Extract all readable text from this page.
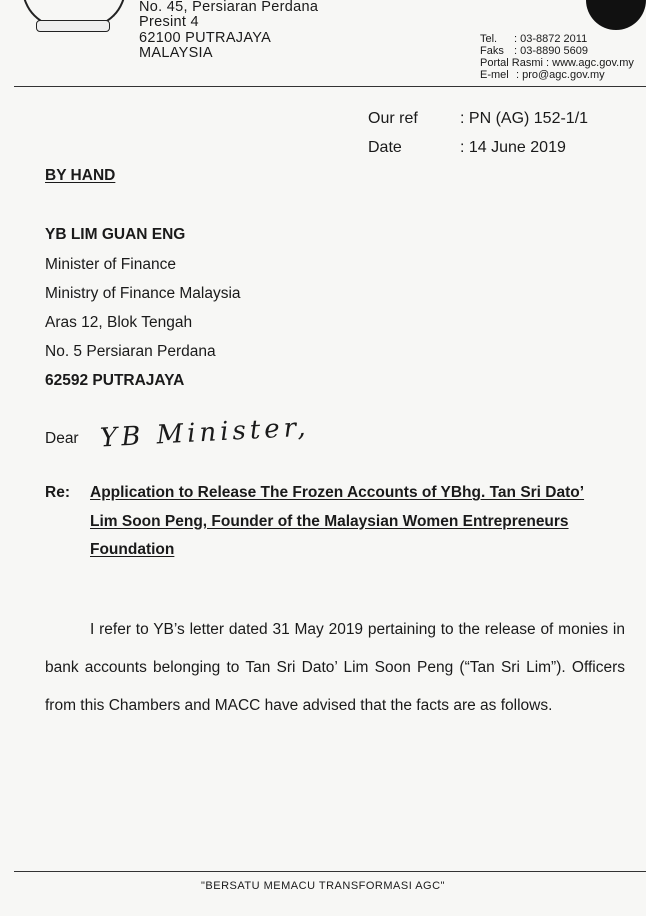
No. 45, Persiaran Perdana
Presint 4
62100 PUTRAJAYA
MALAYSIA
Tel. : 03-8872 2011
Faks : 03-8890 5609
Portal Rasmi : www.agc.gov.my
E-mel : pro@agc.gov.my
Our ref	: PN (AG) 152-1/1
Date	: 14 June 2019
BY HAND
YB LIM GUAN ENG
Minister of Finance
Ministry of Finance Malaysia
Aras 12, Blok Tengah
No. 5 Persiaran Perdana
62592 PUTRAJAYA
Dear YB Minister,
Re: Application to Release The Frozen Accounts of YBhg. Tan Sri Dato’
Lim Soon Peng, Founder of the Malaysian Women Entrepreneurs
Foundation
I refer to YB’s letter dated 31 May 2019 pertaining to the release of monies in bank accounts belonging to Tan Sri Dato’ Lim Soon Peng (“Tan Sri Lim”). Officers from this Chambers and MACC have advised that the facts are as follows.
"BERSATU MEMACU TRANSFORMASI AGC"
